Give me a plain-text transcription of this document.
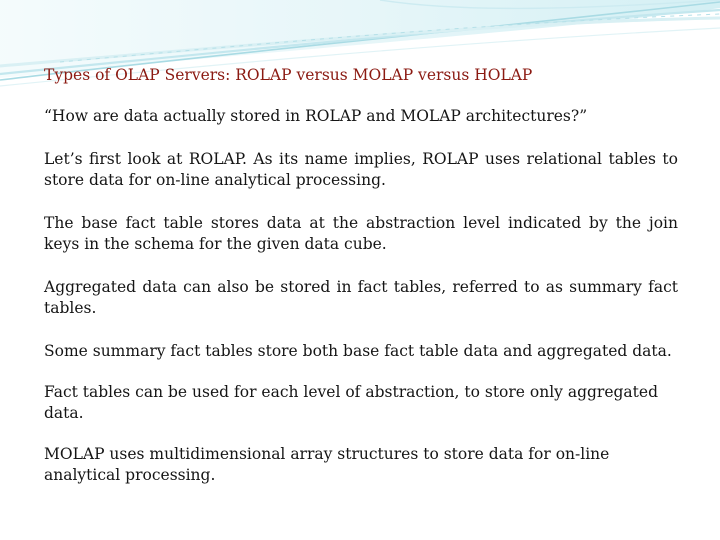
Types of OLAP Servers: ROLAP versus MOLAP versus HOLAP

“How are data actually stored in ROLAP and MOLAP architectures?”

Let’s first look at ROLAP. As its name implies, ROLAP uses relational tables to store data for on-line analytical processing.

The base fact table stores data at the abstraction level indicated by the join keys in the schema for the given data cube.

Aggregated data can also be stored in fact tables, referred to as summary fact tables.

Some summary fact tables store both base fact table data and aggregated data.

Fact tables can be used for each level of abstraction, to store only aggregated data.

MOLAP uses multidimensional array structures to store data for on-line analytical processing.
